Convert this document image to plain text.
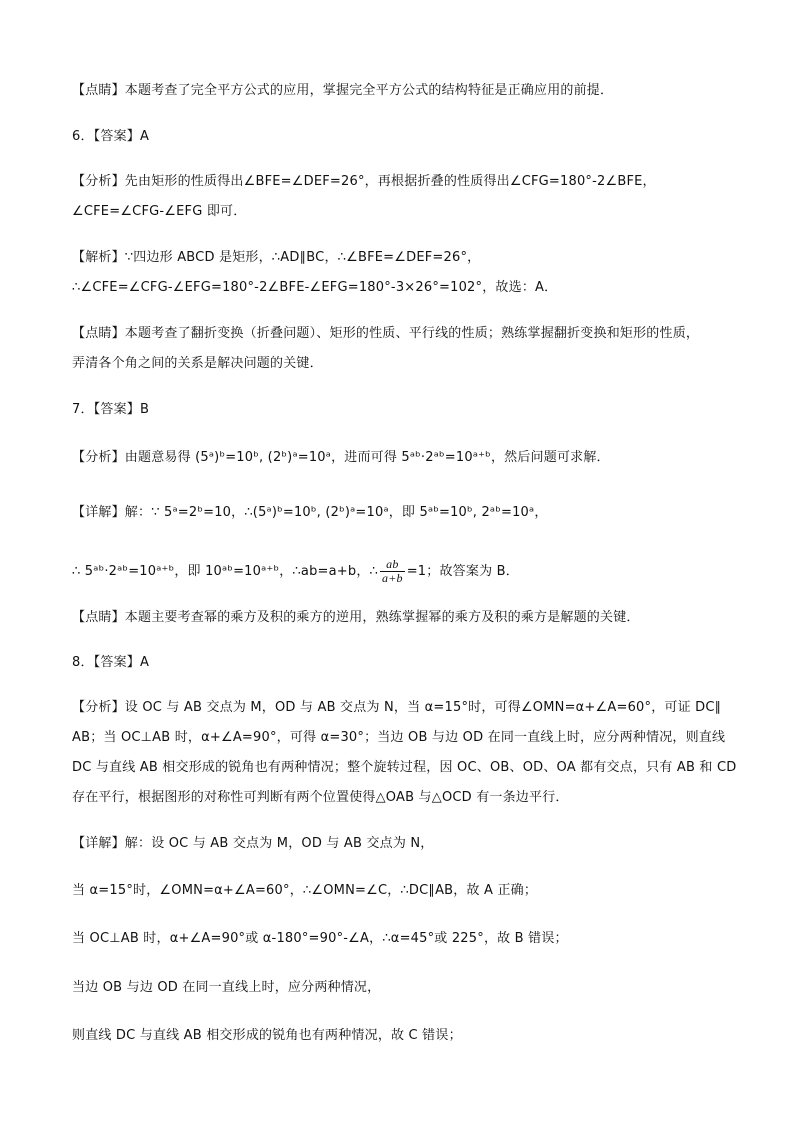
【点睛】本题考查了完全平方公式的应用，掌握完全平方公式的结构特征是正确应用的前提．
6．【答案】A
【分析】先由矩形的性质得出∠BFE=∠DEF=26°，再根据折叠的性质得出∠CFG=180°-2∠BFE，
∠CFE=∠CFG-∠EFG 即可．
【解析】∵四边形 ABCD 是矩形，∴AD∥BC，∴∠BFE=∠DEF=26°，
∴∠CFE=∠CFG-∠EFG=180°-2∠BFE-∠EFG=180°-3×26°=102°，故选：A．
【点睛】本题考查了翻折变换（折叠问题）、矩形的性质、平行线的性质；熟练掌握翻折变换和矩形的性质，
弄清各个角之间的关系是解决问题的关键．
7．【答案】B
【分析】由题意易得 (5ᵃ)ᵇ=10ᵇ, (2ᵇ)ᵃ=10ᵃ，进而可得 5ᵃᵇ·2ᵃᵇ=10ᵃ⁺ᵇ，然后问题可求解．
【详解】解：∵ 5ᵃ=2ᵇ=10，∴(5ᵃ)ᵇ=10ᵇ, (2ᵇ)ᵃ=10ᵃ，即 5ᵃᵇ=10ᵇ, 2ᵃᵇ=10ᵃ，
∴ 5ᵃᵇ·2ᵃᵇ=10ᵃ⁺ᵇ，即 10ᵃᵇ=10ᵃ⁺ᵇ，∴ab=a+b，∴ $\frac{ab}{a+b} =1$；故答案为 B．
【点睛】本题主要考查幂的乘方及积的乘方的逆用，熟练掌握幂的乘方及积的乘方是解题的关键．
8．【答案】A
【分析】设 OC 与 AB 交点为 M，OD 与 AB 交点为 N，当 α=15°时，可得∠OMN=α+∠A=60°，可证 DC∥
AB；当 OC⊥AB 时，α+∠A=90°，可得 α=30°；当边 OB 与边 OD 在同一直线上时，应分两种情况，则直线
DC 与直线 AB 相交形成的锐角也有两种情况；整个旋转过程，因 OC、OB、OD、OA 都有交点，只有 AB 和 CD
存在平行，根据图形的对称性可判断有两个位置使得△OAB 与△OCD 有一条边平行．
【详解】解：设 OC 与 AB 交点为 M，OD 与 AB 交点为 N，
当 α=15°时，∠OMN=α+∠A=60°，∴∠OMN=∠C，∴DC∥AB，故 A 正确；
当 OC⊥AB 时，α+∠A=90°或 α-180°=90°-∠A，∴α=45°或 225°，故 B 错误；
当边 OB 与边 OD 在同一直线上时，应分两种情况，
则直线 DC 与直线 AB 相交形成的锐角也有两种情况，故 C 错误；
